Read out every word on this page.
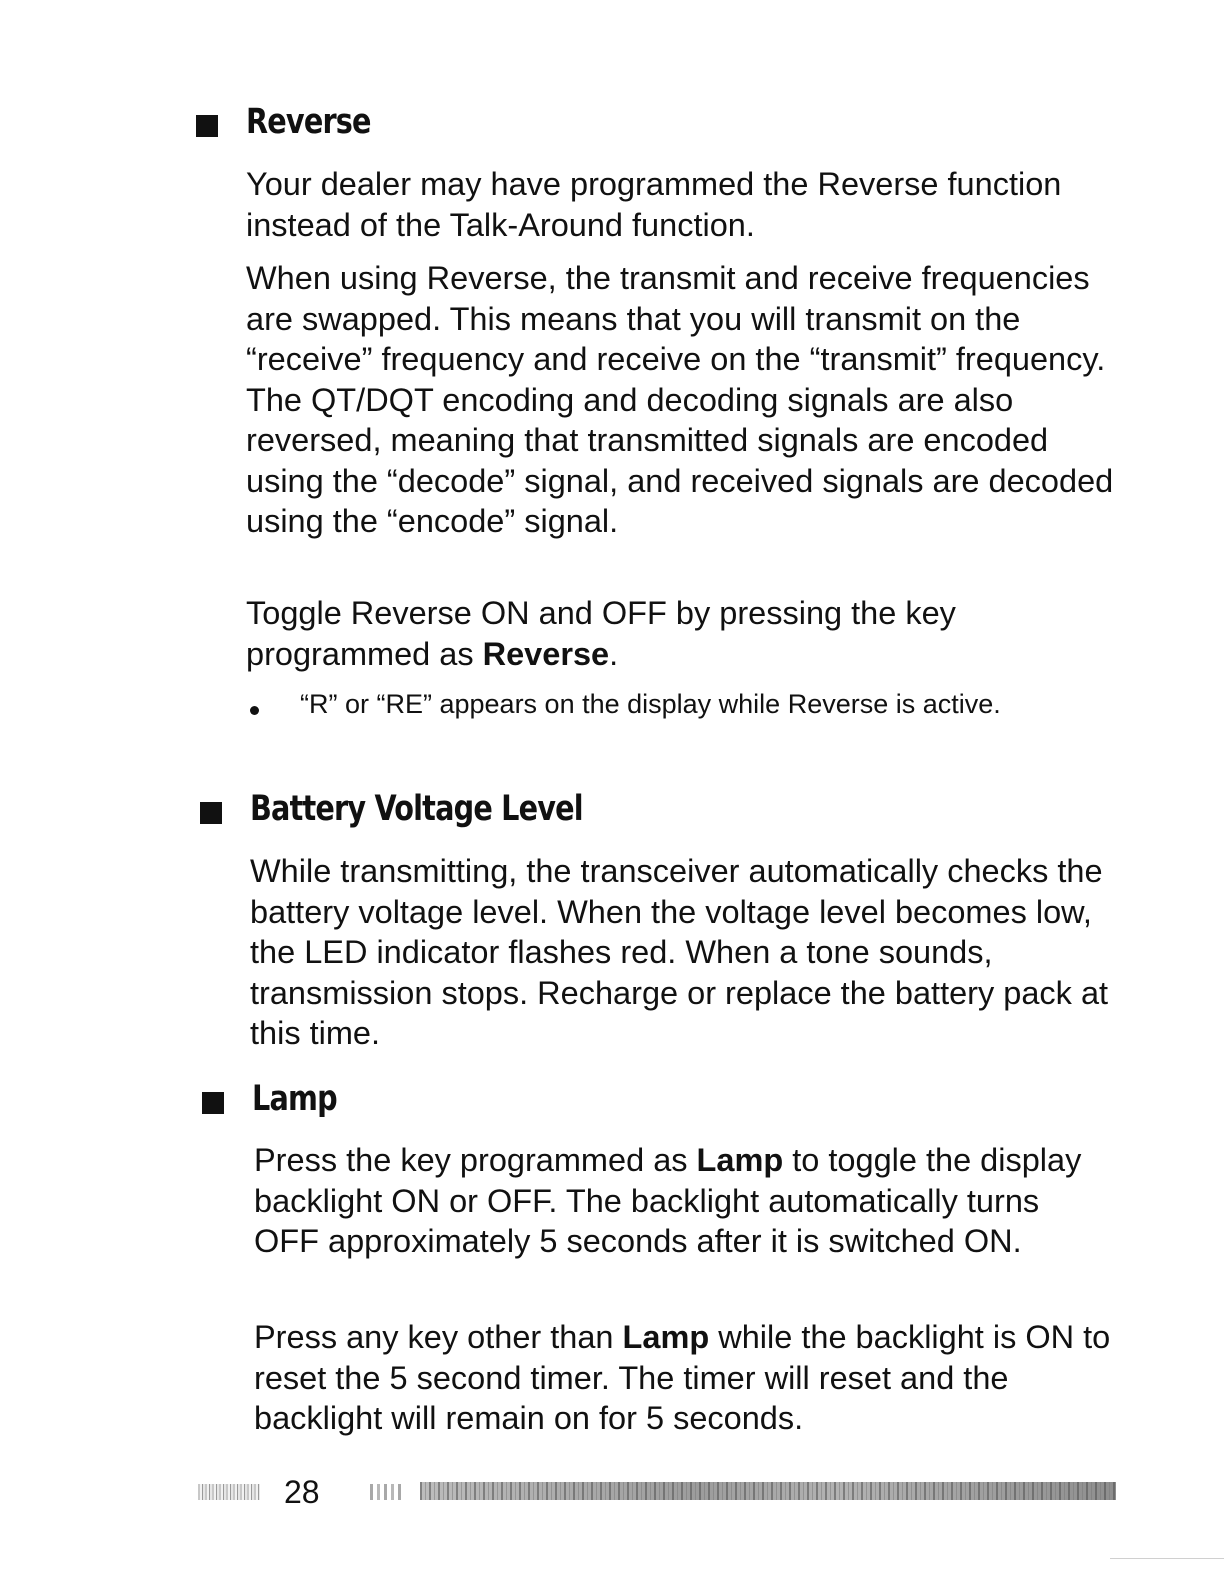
Reverse

Your dealer may have programmed the Reverse function instead of the Talk-Around function.

When using Reverse, the transmit and receive frequencies are swapped. This means that you will transmit on the “receive” frequency and receive on the “transmit” frequency. The QT/DQT encoding and decoding signals are also reversed, meaning that transmitted signals are encoded using the “decode” signal, and received signals are decoded using the “encode” signal.

Toggle Reverse ON and OFF by pressing the key programmed as Reverse.

“R” or “RE” appears on the display while Reverse is active.
Battery Voltage Level

While transmitting, the transceiver automatically checks the battery voltage level. When the voltage level becomes low, the LED indicator flashes red. When a tone sounds, transmission stops. Recharge or replace the battery pack at this time.

Lamp

Press the key programmed as Lamp to toggle the display backlight ON or OFF. The backlight automatically turns OFF approximately 5 seconds after it is switched ON.

Press any key other than Lamp while the backlight is ON to reset the 5 second timer. The timer will reset and the backlight will remain on for 5 seconds.

28
